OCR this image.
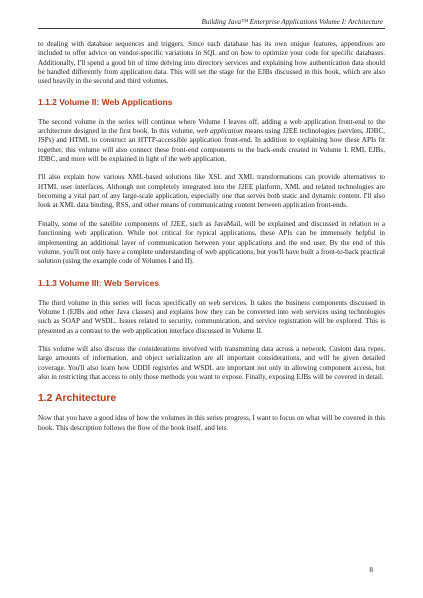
Building Java™ Enterprise Applications Volume I: Architecture

to dealing with database sequences and triggers. Since each database has its own unique features, appendixes are included to offer advice on vendor-specific variations in SQL and on how to optimize your code for specific databases. Additionally, I'll spend a good bit of time delving into directory services and explaining how authentication data should be handled differently from application data. This will set the stage for the EJBs discussed in this book, which are also used heavily in the second and third volumes.

1.1.2 Volume II: Web Applications

The second volume in the series will continue where Volume I leaves off, adding a web application front-end to the architecture designed in the first book. In this volume, web application means using J2EE technologies (servlets, JDBC, JSPs) and HTML to construct an HTTP-accessible application front-end. In addition to explaining how these APIs fit together, this volume will also connect these front-end components to the back-ends created in Volume I. RMI, EJBs, JDBC, and more will be explained in light of the web application.

I'll also explain how various XML-based solutions like XSL and XML transformations can provide alternatives to HTML user interfaces. Although not completely integrated into the J2EE platform, XML and related technologies are becoming a vital part of any large-scale application, especially one that serves both static and dynamic content. I'll also look at XML data binding, RSS, and other means of communicating content between application front-ends.

Finally, some of the satellite components of J2EE, such as JavaMail, will be explained and discussed in relation to a functioning web application. While not critical for typical applications, these APIs can be immensely helpful in implementing an additional layer of communication between your applications and the end user. By the end of this volume, you'll not only have a complete understanding of web applications, but you'll have built a front-to-back practical solution (using the example code of Volumes I and II).

1.1.3 Volume III: Web Services

The third volume in this series will focus specifically on web services. It takes the business components discussed in Volume I (EJBs and other Java classes) and explains how they can be converted into web services using technologies such as SOAP and WSDL. Issues related to security, communication, and service registration will be explored. This is presented as a contrast to the web application interface discussed in Volume II.

This volume will also discuss the considerations involved with transmitting data across a network. Custom data types, large amounts of information, and object serialization are all important considerations, and will be given detailed coverage. You'll also learn how UDDI registries and WSDL are important not only in allowing component access, but also in restricting that access to only those methods you want to expose. Finally, exposing EJBs will be covered in detail.

1.2 Architecture

Now that you have a good idea of how the volumes in this series progress, I want to focus on what will be covered in this book. This description follows the flow of the book itself, and lets

8
